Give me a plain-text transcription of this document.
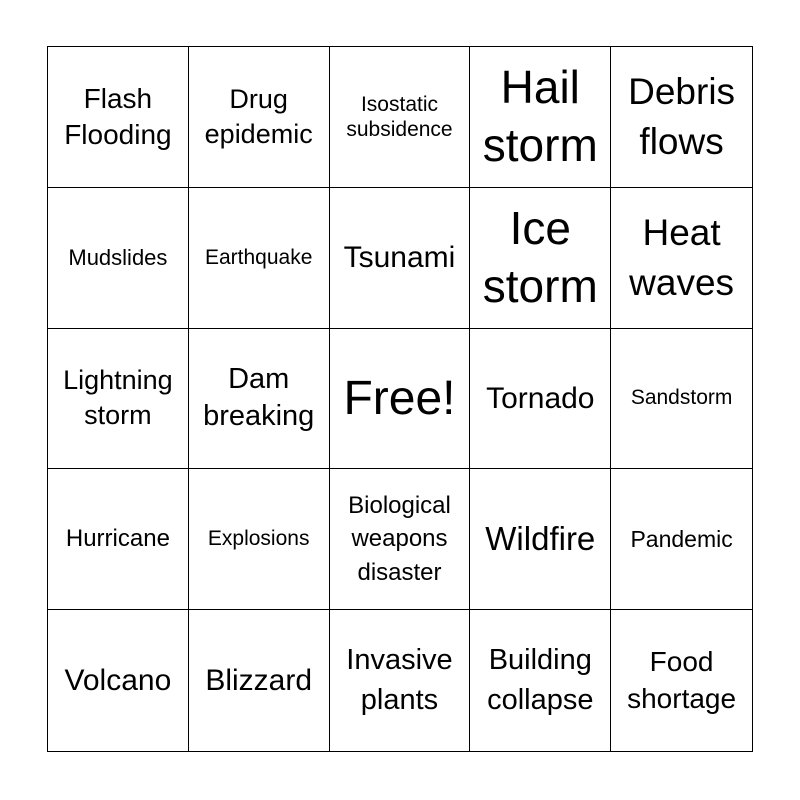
Flash
Flooding
Drug
epidemic
Isostatic
subsidence
Hail
storm
Debris
flows
Mudslides Earthquake Tsunami
Ice
storm
Heat
waves
Lightning
storm
Dam
breaking Free! Tornado Sandstorm
Hurricane Explosions
Biological
weapons
disaster
Wildfire Pandemic
Volcano Blizzard
Invasive
plants
Building
collapse
Food
shortage
